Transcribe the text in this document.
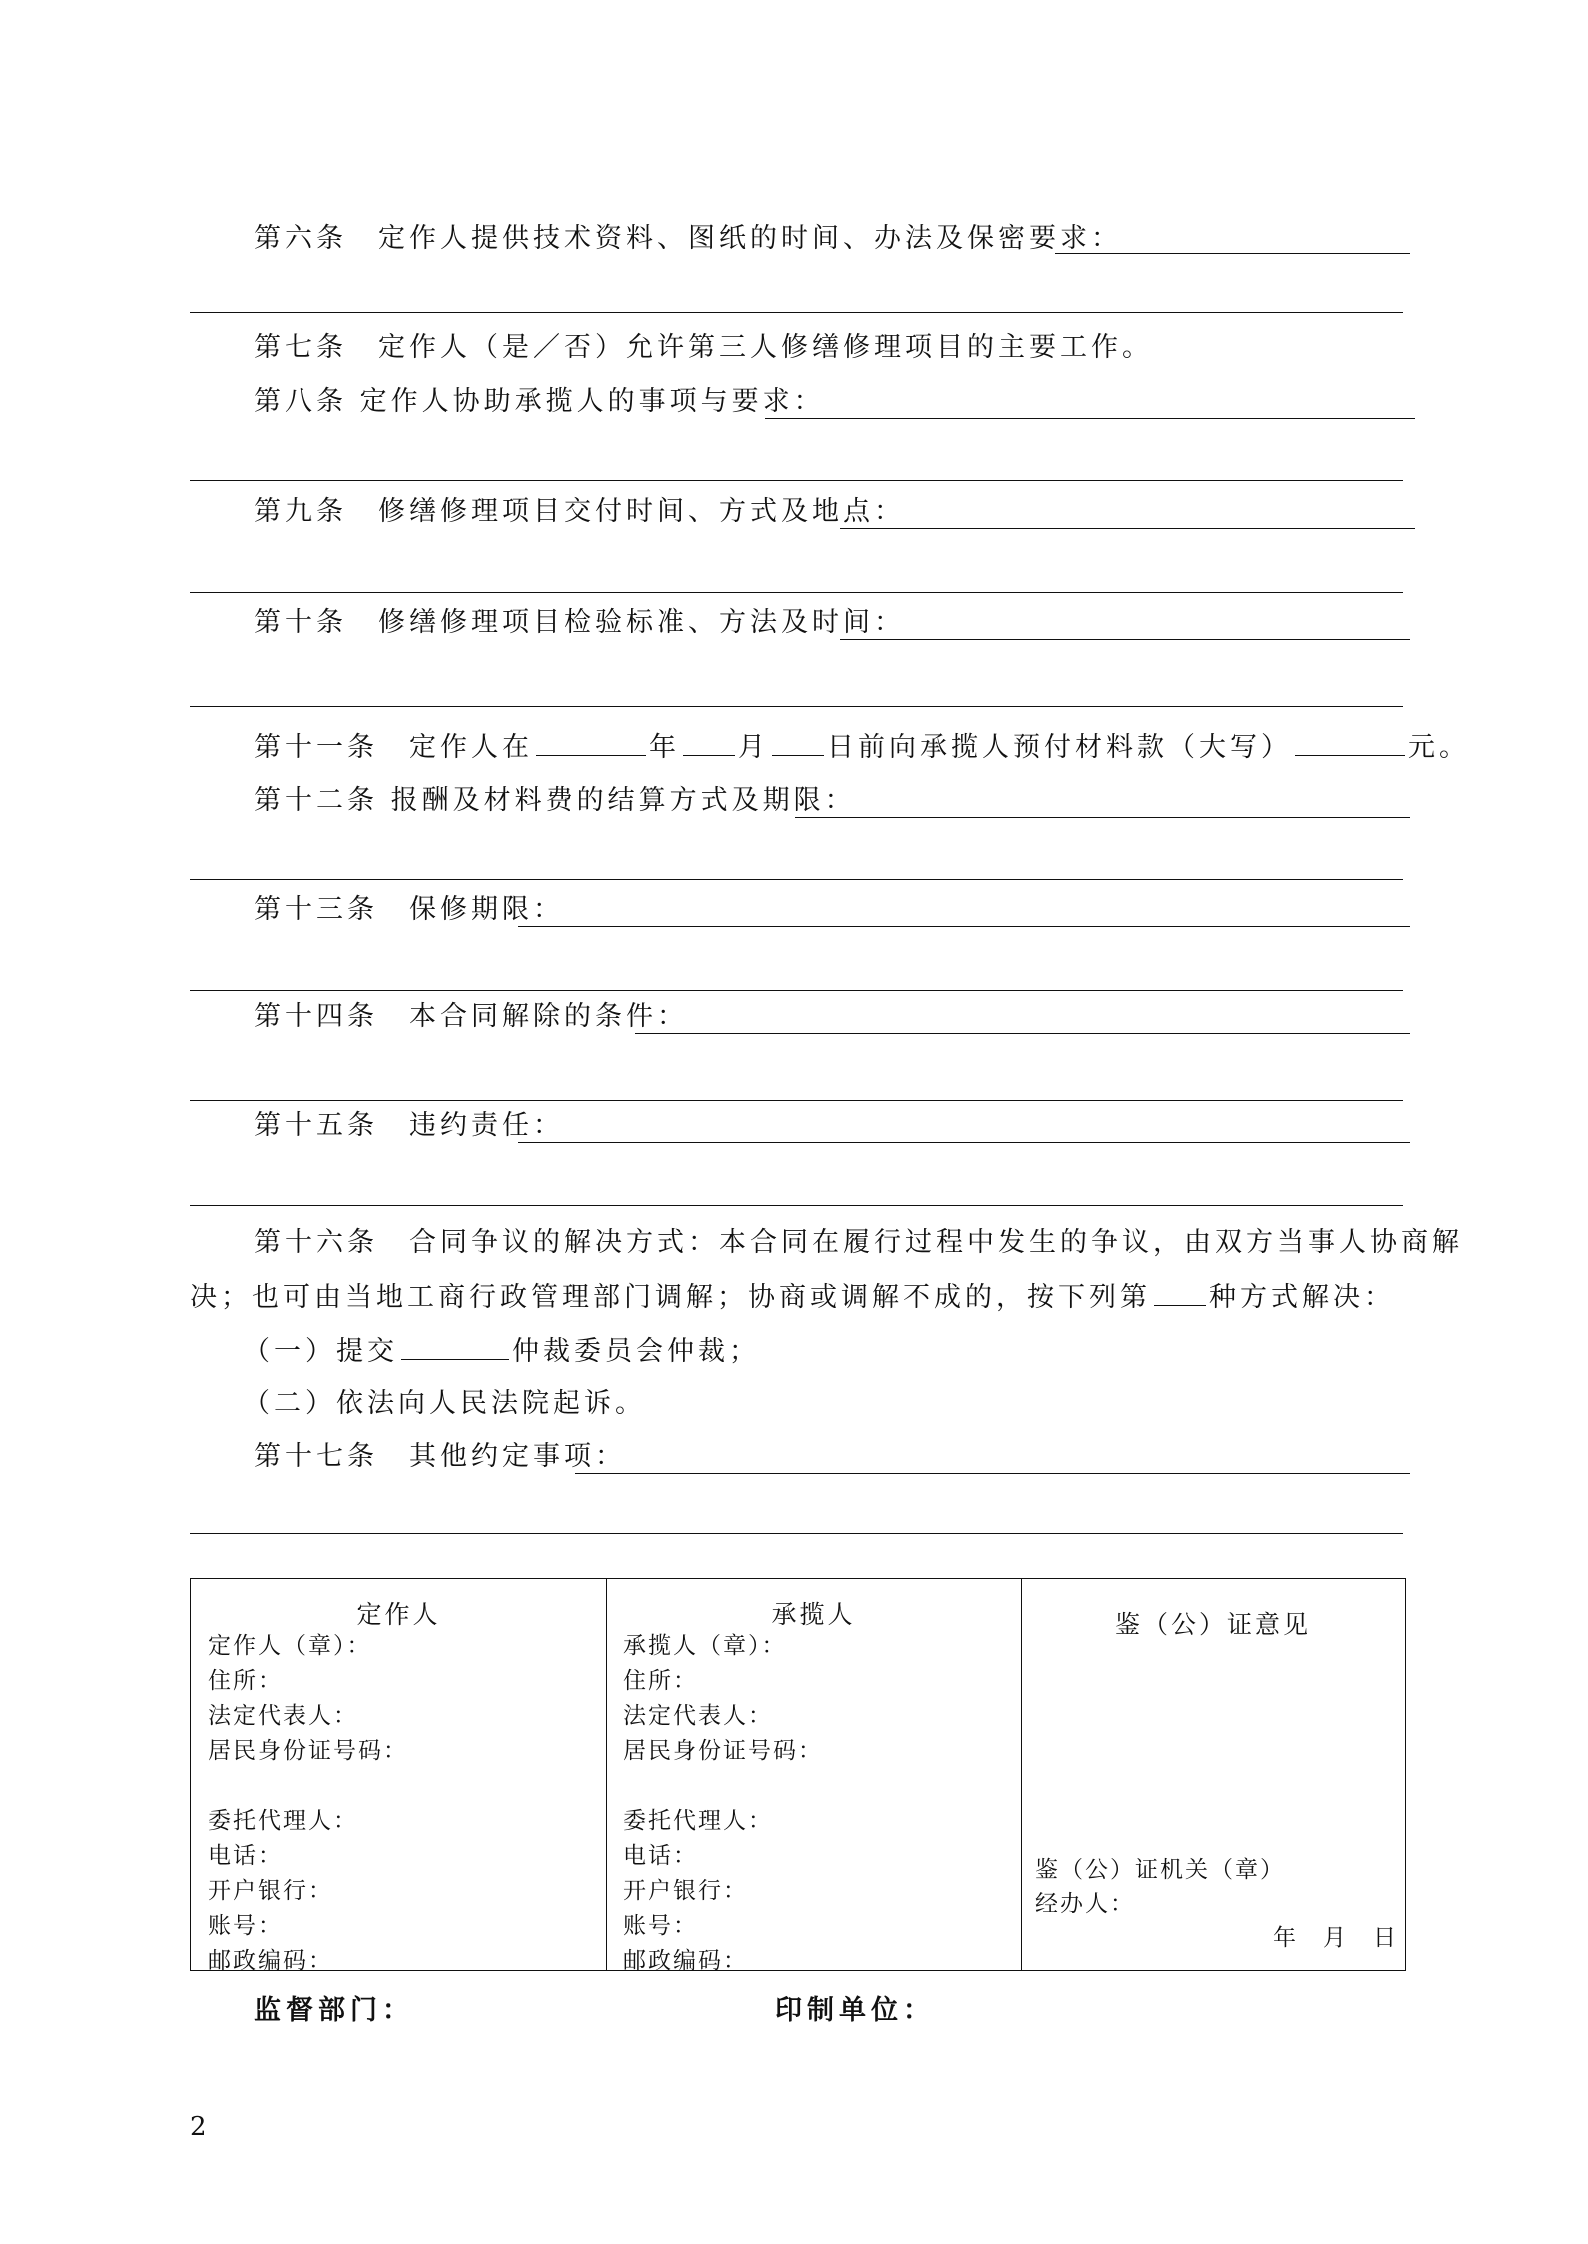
第六条　定作人提供技术资料、图纸的时间、办法及保密要求：
第七条　定作人（是／否）允许第三人修缮修理项目的主要工作。
第八条 定作人协助承揽人的事项与要求：
第九条　修缮修理项目交付时间、方式及地点：
第十条　修缮修理项目检验标准、方法及时间：
第十一条　定作人在	年 月 日前向承揽人预付材料款（大写）	元。
第十二条 报酬及材料费的结算方式及期限：
第十三条　保修期限：
第十四条　本合同解除的条件：
第十五条　违约责任：
第十六条　合同争议的解决方式：本合同在履行过程中发生的争议，由双方当事人协商解
决；也可由当地工商行政管理部门调解；协商或调解不成的，按下列第 种方式解决：
（一）提交	仲裁委员会仲裁；
（二）依法向人民法院起诉。
第十七条　其他约定事项：
定作人
定作人（章）：
住所：
法定代表人：
居民身份证号码：
委托代理人：
电话：
开户银行：
账号：
邮政编码：
承揽人
承揽人（章）：
住所：
法定代表人：
居民身份证号码：
委托代理人：
电话：
开户银行：
账号：
邮政编码：
鉴（公）证意见
鉴（公）证机关（章）
经办人：
年　月　日
监督部门：	印制单位：
2
